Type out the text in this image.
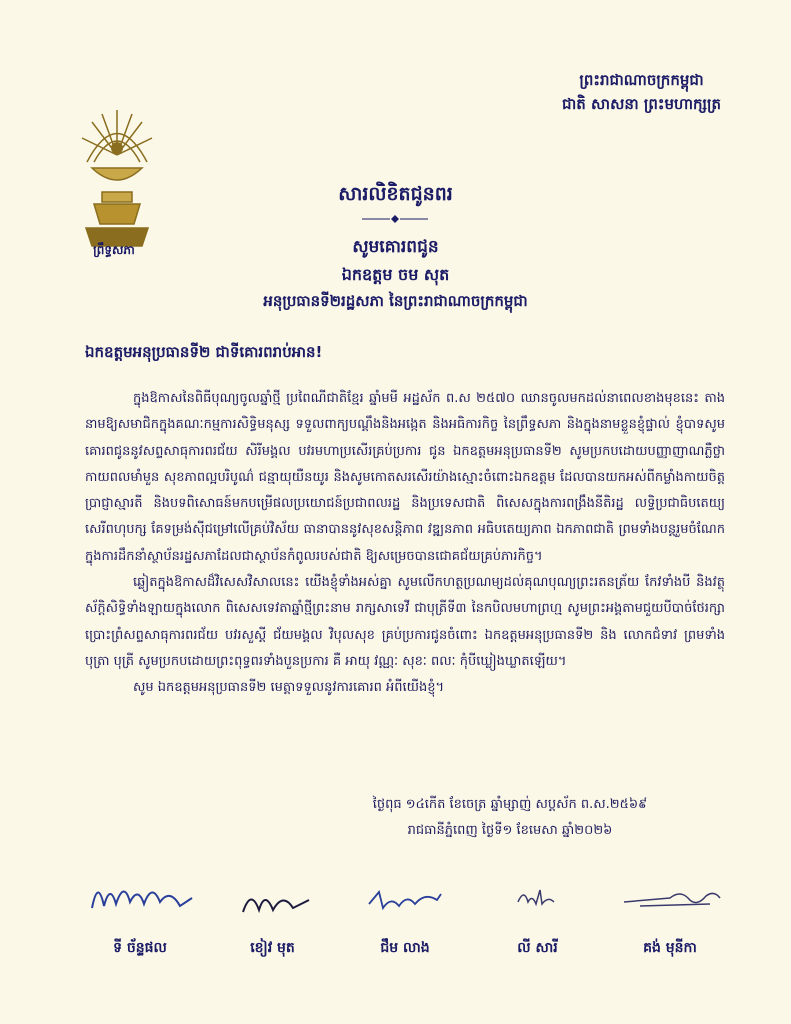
ព្រះរាជាណាចក្រកម្ពុជា
ជាតិ សាសនា ព្រះមហាក្សត្រ
ព្រឹទ្ធសភា
សារលិខិតជូនពរ
សូមគោរពជូន
ឯកឧត្តម ចម សុត
អនុប្រធានទី២រដ្ឋសភា នៃព្រះរាជាណាចក្រកម្ពុជា
ឯកឧត្តមអនុប្រធានទី២ ជាទីគោរពរាប់អាន!

ក្នុងឱកាសនៃពិធីបុណ្យចូលឆ្នាំថ្មី ប្រពៃណីជាតិខ្មែរ ឆ្នាំមមី អដ្ឋស័ក ព.ស ២៥៧០ ឈានចូលមកដល់នាពេលខាងមុខនេះ តាងនាមឱ្យសមាជិកក្នុងគណៈកម្មការសិទ្ធិមនុស្ស ទទួលពាក្យបណ្ដឹងនិងអង្កេត និងអធិការកិច្ច នៃព្រឹទ្ធសភា និងក្នុងនាមខ្លួនខ្ញុំផ្ទាល់ ខ្ញុំបាទសូមគោរពជូននូវសព្ទសាធុការពរជ័យ សិរីមង្គល បវរមហាប្រសើរគ្រប់ប្រការ ជូន ឯកឧត្តមអនុប្រធានទី២ សូមប្រកបដោយបញ្ញាញាណភ្លឺថ្លា កាយពលមាំមួន សុខភាពល្អបរិបូណ៌ ជន្មាយុយឺនយូរ និងសូមកោតសរសើរយ៉ាងស្មោះចំពោះឯកឧត្តម ដែលបានយកអស់ពីកម្លាំងកាយចិត្ត ប្រាជ្ញាស្មារតី និងបទពិសោធន៍មកបម្រើផលប្រយោជន៍ប្រជាពលរដ្ឋ និងប្រទេសជាតិ ពិសេសក្នុងការពង្រឹងនីតិរដ្ឋ លទ្ធិប្រជាធិបតេយ្យ សេរីពហុបក្ស គែទម្រង់ស៊ីជម្រៅលើគ្រប់វិស័យ ធានាបាននូវសុខសន្តិភាព វឌ្ឍនភាព អធិបតេយ្យភាព ឯកភាពជាតិ ព្រមទាំងបន្តរួមចំណែកក្នុងការដឹកនាំស្ថាប័នរដ្ឋសភាដែលជាស្ថាប័នកំពូលរបស់ជាតិ ឱ្យសម្រេចបានជោគជ័យគ្រប់ភារកិច្ច។

ឆ្លៀតក្នុងឱកាសដ៏វិសេសវិសាលនេះ យើងខ្ញុំទាំងអស់គ្នា សូមលើកហត្ថប្រណម្យដល់គុណបុណ្យព្រះរតនត្រ័យ កែវទាំងបី និងវត្ថុស័ក្តិសិទ្ធិទាំងឡាយក្នុងលោក ពិសេសទេវតាឆ្នាំថ្មីព្រះនាម រាក្សសាទេវី ជាបុត្រីទី៣ នៃកបិលមហាព្រហ្ម សូមព្រះអង្គតាមជួយបីបាច់ថែរក្សា ប្រោះព្រំសព្ទសាធុការពរជ័យ បវរសួស្តី ជ័យមង្គល វិបុលសុខ គ្រប់ប្រការជូនចំពោះ ឯកឧត្តមអនុប្រធានទី២ និង លោកជំទាវ ព្រមទាំងបុត្រា បុត្រី សូមប្រកបដោយព្រះពុទ្ធពរទាំងបួនប្រការ គឺ អាយុ វណ្ណៈ សុខៈ ពលៈ កុំបីឃ្លៀងឃ្លាតឡើយ។

សូម ឯកឧត្តមអនុប្រធានទី២ មេត្តាទទួលនូវការគោរព អំពីយើងខ្ញុំ។

ថ្ងៃពុធ ១៤កើត ខែចេត្រ ឆ្នាំម្សាញ់ សប្តស័ក ព.ស.២៥៦៩
រាជធានីភ្នំពេញ ថ្ងៃទី១ ខែមេសា ឆ្នាំ២០២៦
ទី ច័ន្ទផល	ខៀវ មុត	ជឹម លាង	លី សារី	គង់ មុនីកា
